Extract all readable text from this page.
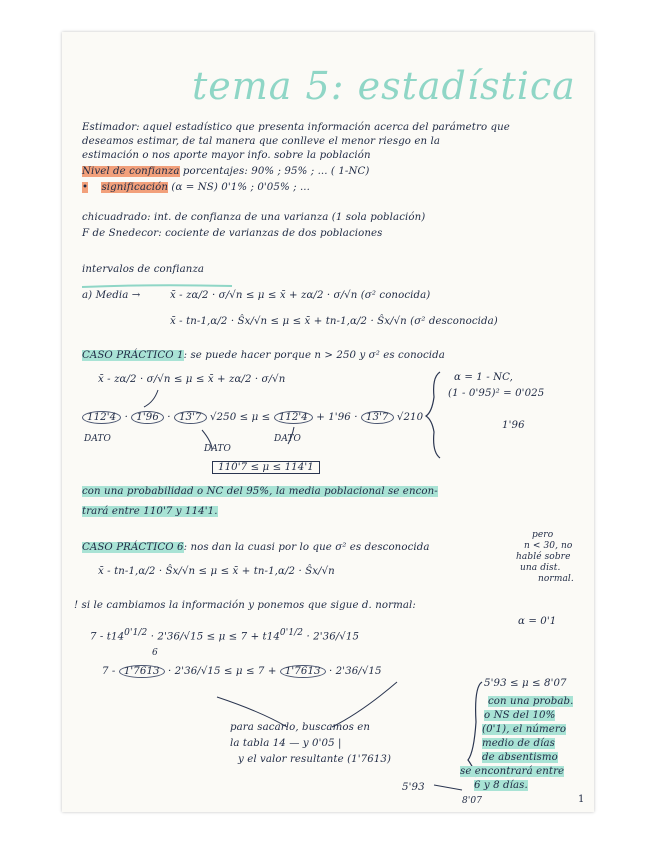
tema 5: estadística
Estimador: aquel estadístico que presenta información acerca del parámetro que
deseamos estimar, de tal manera que conlleve el menor riesgo en la
estimación o nos aporte mayor info. sobre la población
Nivel de confianza porcentajes: 90% ; 95% ; ... ( 1-NC)
• significación (α = NS) 0'1% ; 0'05% ; ...
chicuadrado: int. de confianza de una varianza (1 sola población)
F de Snedecor: cociente de varianzas de dos poblaciones
intervalos de confianza
a) Media →	x̄ - zα/2 · σ/√n ≤ μ ≤ x̄ + zα/2 · σ/√n (σ² conocida)
x̄ - tn-1,α/2 · Ŝx/√n ≤ μ ≤ x̄ + tn-1,α/2 · Ŝx/√n (σ² desconocida)
CASO PRÁCTICO 1: se puede hacer porque n > 250 y σ² es conocida
x̄ - zα/2 · σ/√n ≤ μ ≤ x̄ + zα/2 · σ/√n	α = 1 - NC,
(1 - 0'95)² = 0'025
1'96
112'4 · 1'96 · 13'7 √250 ≤ μ ≤ 112'4 + 1'96 · 13'7 √210
DATO
DATO
DATO
110'7 ≤ μ ≤ 114'1
con una probabilidad o NC del 95%, la media poblacional se encon-
trará entre 110'7 y 114'1.
CASO PRÁCTICO 6: nos dan la cuasi por lo que σ² es desconocida
pero
n < 30, no
hablé sobre
una dist.
normal.
x̄ - tn-1,α/2 · Ŝx/√n ≤ μ ≤ x̄ + tn-1,α/2 · Ŝx/√n
! si le cambiamos la información y ponemos que sigue d. normal:
$7 - t14^{0'1/2} \cdot 2'36/√15 \le \mu \le 7 + t14^{0'1/2} \cdot 2'36/√15$
α = 0'1
6
7 - 1'7613 · 2'36/√15 ≤ μ ≤ 7 + 1'7613 · 2'36/√15
para sacarlo, buscamos en
la tabla 14 — y 0'05 |
y el valor resultante (1'7613)
5'93 ≤ μ ≤ 8'07
con una probab.
o NS del 10%
(0'1), el número
medio de días
de absentismo
se encontrará entre
6 y 8 días.
5'93
8'07	1
